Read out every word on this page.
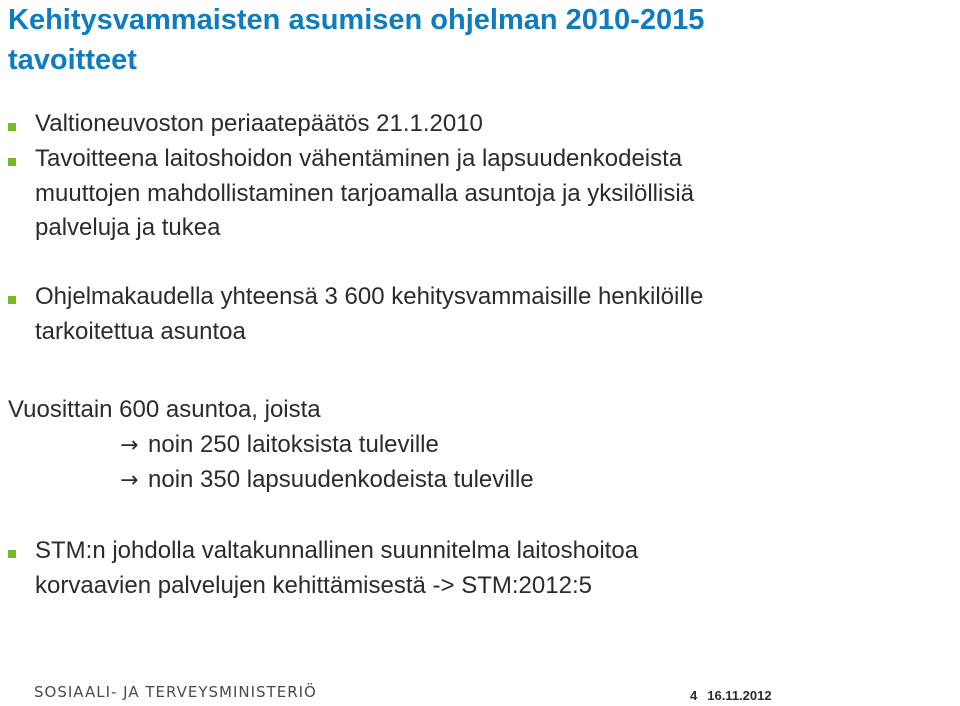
Kehitysvammaisten asumisen ohjelman 2010-2015
tavoitteet
Valtioneuvoston periaatepäätös 21.1.2010
Tavoitteena laitoshoidon vähentäminen ja lapsuudenkodeista
muuttojen mahdollistaminen tarjoamalla asuntoja ja yksilöllisiä
palveluja ja tukea
Ohjelmakaudella yhteensä 3 600 kehitysvammaisille henkilöille
tarkoitettua asuntoa
Vuosittain 600 asuntoa, joista
→ noin 250 laitoksista tuleville
→ noin 350 lapsuudenkodeista tuleville
STM:n johdolla valtakunnallinen suunnitelma laitoshoitoa
korvaavien palvelujen kehittämisestä -> STM:2012:5
SOSIAALI- JA TERVEYSMINISTERIÖ	4 16.11.2012
